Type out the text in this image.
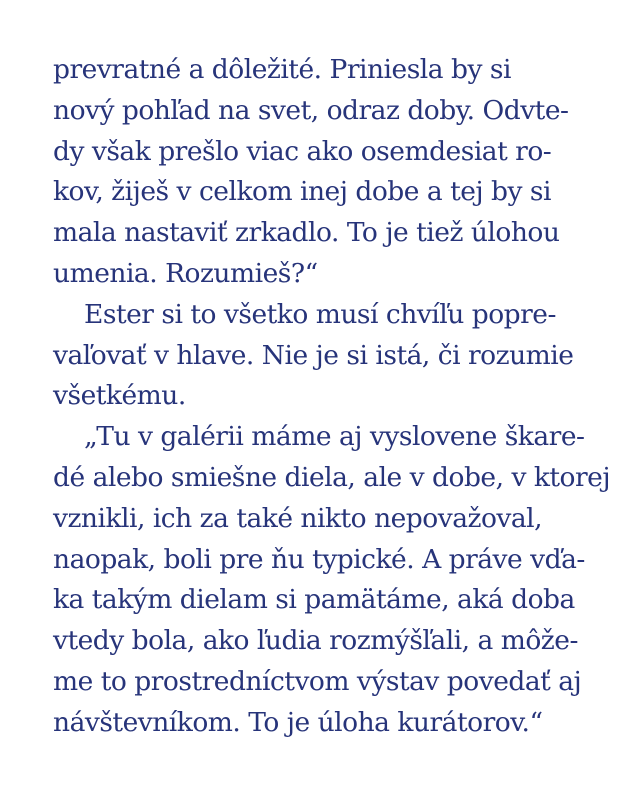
prevratné a dôležité. Priniesla by si
nový pohľad na svet, odraz doby. Odvte-
dy však prešlo viac ako osemdesiat ro-
kov, žiješ v celkom inej dobe a tej by si
mala nastaviť zrkadlo. To je tiež úlohou
umenia. Rozumieš?“
Ester si to všetko musí chvíľu popre-
vaľovať v hlave. Nie je si istá, či rozumie
všetkému.
„Tu v galérii máme aj vyslovene škare-
dé alebo smiešne diela, ale v dobe, v ktorej
vznikli, ich za také nikto nepovažoval,
naopak, boli pre ňu typické. A práve vďa-
ka takým dielam si pamätáme, aká doba
vtedy bola, ako ľudia rozmýšľali, a môže-
me to prostredníctvom výstav povedať aj
návštevníkom. To je úloha kurátorov.“
